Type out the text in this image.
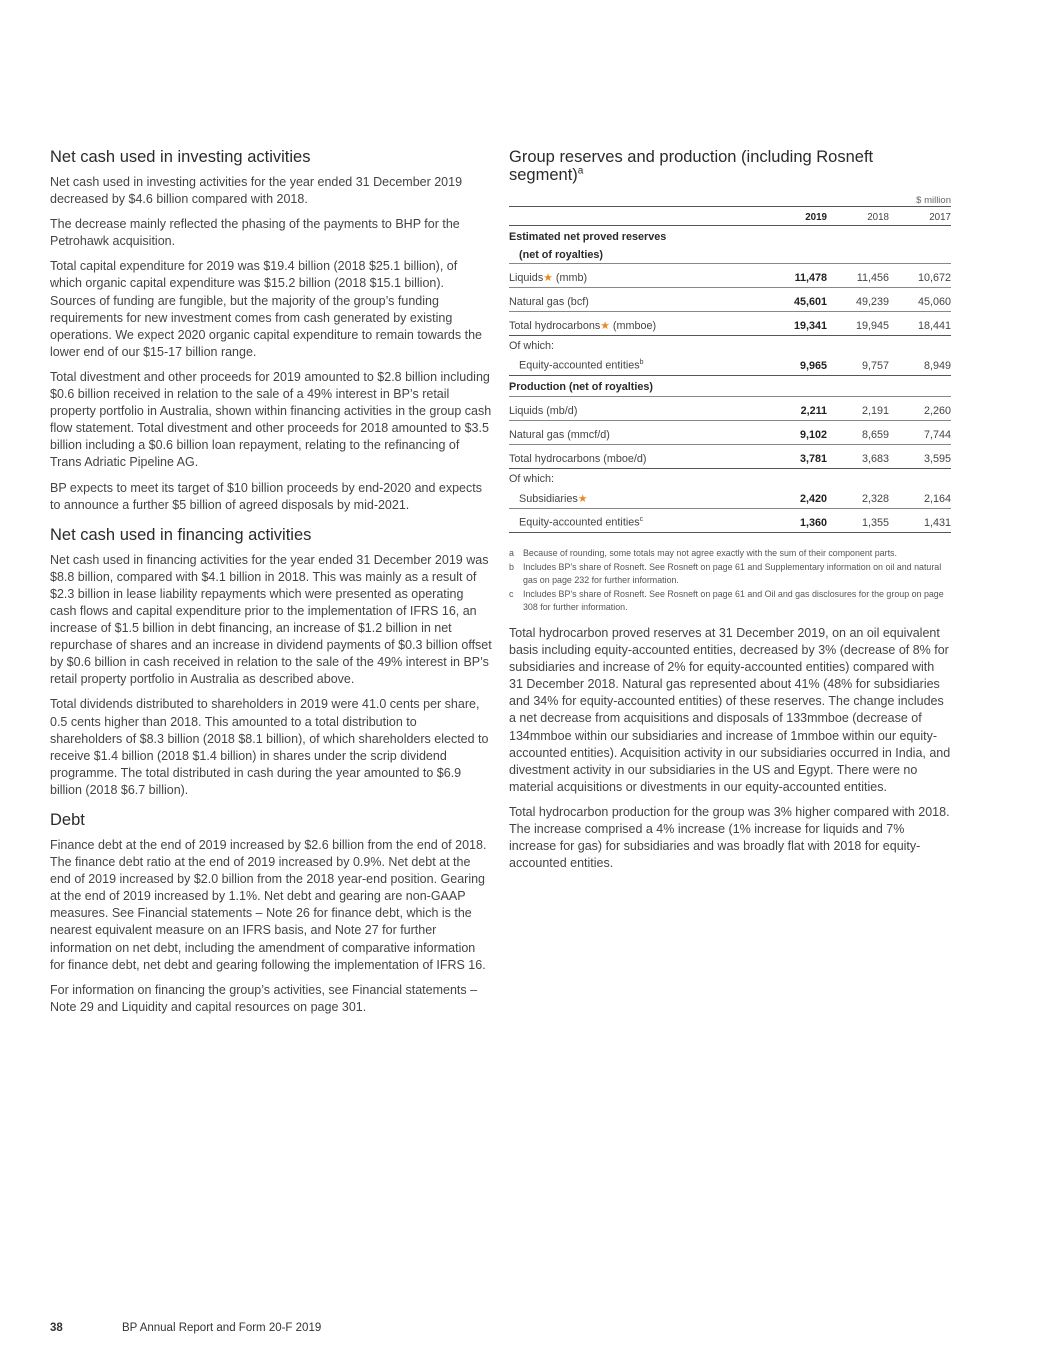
Net cash used in investing activities

Net cash used in investing activities for the year ended 31 December 2019 decreased by $4.6 billion compared with 2018.

The decrease mainly reflected the phasing of the payments to BHP for the Petrohawk acquisition.

Total capital expenditure for 2019 was $19.4 billion (2018 $25.1 billion), of which organic capital expenditure was $15.2 billion (2018 $15.1 billion). Sources of funding are fungible, but the majority of the group’s funding requirements for new investment comes from cash generated by existing operations. We expect 2020 organic capital expenditure to remain towards the lower end of our $15-17 billion range.

Total divestment and other proceeds for 2019 amounted to $2.8 billion including $0.6 billion received in relation to the sale of a 49% interest in BP’s retail property portfolio in Australia, shown within financing activities in the group cash flow statement. Total divestment and other proceeds for 2018 amounted to $3.5 billion including a $0.6 billion loan repayment, relating to the refinancing of Trans Adriatic Pipeline AG.

BP expects to meet its target of $10 billion proceeds by end-2020 and expects to announce a further $5 billion of agreed disposals by mid-2021.

Net cash used in financing activities

Net cash used in financing activities for the year ended 31 December 2019 was $8.8 billion, compared with $4.1 billion in 2018. This was mainly as a result of $2.3 billion in lease liability repayments which were presented as operating cash flows and capital expenditure prior to the implementation of IFRS 16, an increase of $1.5 billion in debt financing, an increase of $1.2 billion in net repurchase of shares and an increase in dividend payments of $0.3 billion offset by $0.6 billion in cash received in relation to the sale of the 49% interest in BP’s retail property portfolio in Australia as described above.

Total dividends distributed to shareholders in 2019 were 41.0 cents per share, 0.5 cents higher than 2018. This amounted to a total distribution to shareholders of $8.3 billion (2018 $8.1 billion), of which shareholders elected to receive $1.4 billion (2018 $1.4 billion) in shares under the scrip dividend programme. The total distributed in cash during the year amounted to $6.9 billion (2018 $6.7 billion).

Debt

Finance debt at the end of 2019 increased by $2.6 billion from the end of 2018. The finance debt ratio at the end of 2019 increased by 0.9%. Net debt at the end of 2019 increased by $2.0 billion from the 2018 year-end position. Gearing at the end of 2019 increased by 1.1%. Net debt and gearing are non-GAAP measures. See Financial statements – Note 26 for finance debt, which is the nearest equivalent measure on an IFRS basis, and Note 27 for further information on net debt, including the amendment of comparative information for finance debt, net debt and gearing following the implementation of IFRS 16.

For information on financing the group’s activities, see Financial statements – Note 29 and Liquidity and capital resources on page 301.

Group reserves and production (including Rosneft segment)$^a$
			$ million
	2019	2018	2017
Estimated net proved reserves			
(net of royalties)			
Liquids★ (mmb)	11,478	11,456	10,672
Natural gas (bcf)	45,601	49,239	45,060
Total hydrocarbons★ (mmboe)	19,341	19,945	18,441
Of which:			
Equity-accounted entities$^b$	9,965	9,757	8,949
Production (net of royalties)			
Liquids (mb/d)	2,211	2,191	2,260
Natural gas (mmcf/d)	9,102	8,659	7,744
Total hydrocarbons (mboe/d)	3,781	3,683	3,595
Of which:			
Subsidiaries★	2,420	2,328	2,164
Equity-accounted entities$^c$	1,360	1,355	1,431
a	Because of rounding, some totals may not agree exactly with the sum of their component parts.
b	Includes BP’s share of Rosneft. See Rosneft on page 61 and Supplementary information on oil and natural gas on page 232 for further information.
c	Includes BP’s share of Rosneft. See Rosneft on page 61 and Oil and gas disclosures for the group on page 308 for further information.

Total hydrocarbon proved reserves at 31 December 2019, on an oil equivalent basis including equity-accounted entities, decreased by 3% (decrease of 8% for subsidiaries and increase of 2% for equity-accounted entities) compared with 31 December 2018. Natural gas represented about 41% (48% for subsidiaries and 34% for equity-accounted entities) of these reserves. The change includes a net decrease from acquisitions and disposals of 133mmboe (decrease of 134mmboe within our subsidiaries and increase of 1mmboe within our equity-accounted entities). Acquisition activity in our subsidiaries occurred in India, and divestment activity in our subsidiaries in the US and Egypt. There were no material acquisitions or divestments in our equity-accounted entities.

Total hydrocarbon production for the group was 3% higher compared with 2018. The increase comprised a 4% increase (1% increase for liquids and 7% increase for gas) for subsidiaries and was broadly flat with 2018 for equity-accounted entities.

38	BP Annual Report and Form 20-F 2019
